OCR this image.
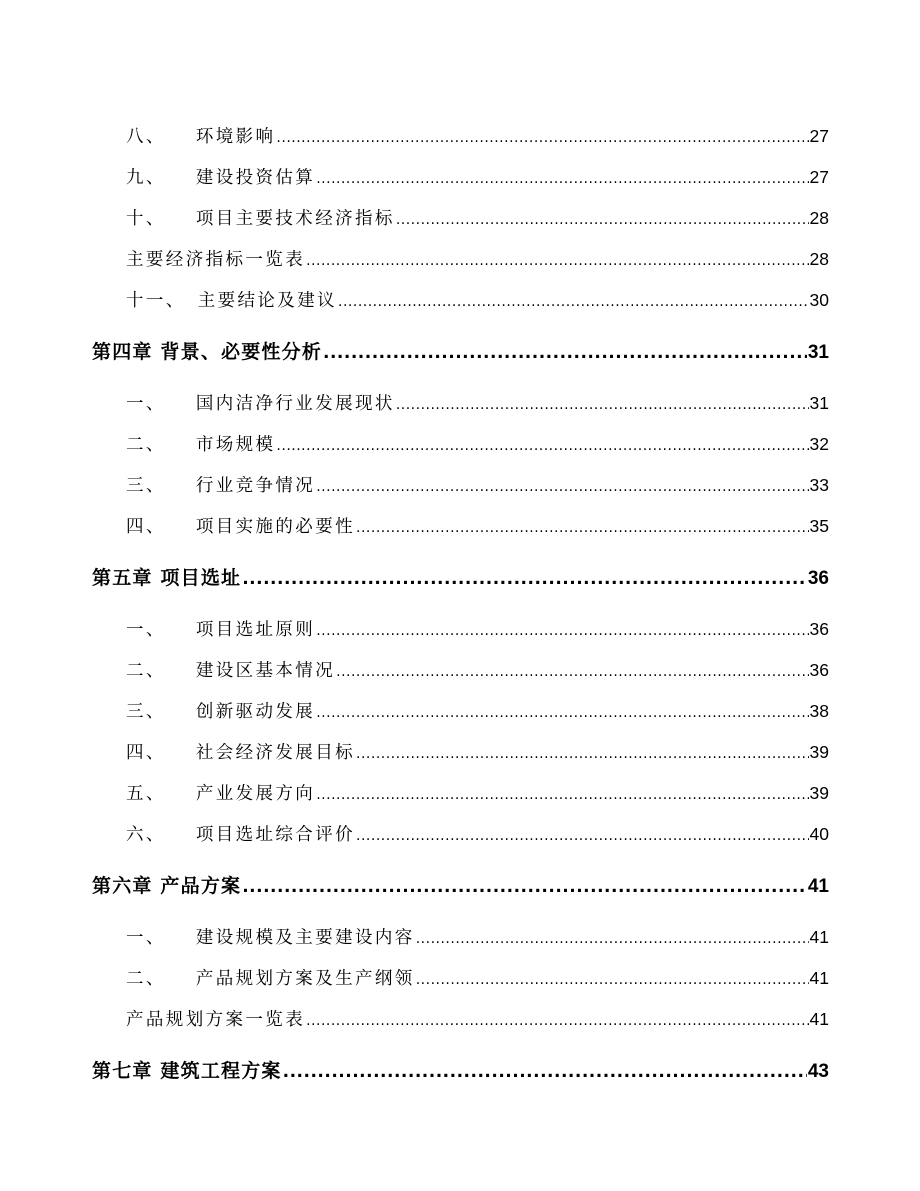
八、 环境影响 .....	27
九、 建设投资估算 .....	27
十、 项目主要技术经济指标 .....	28
主要经济指标一览表 .....	28
十一、 主要结论及建议 .....	30
第四章 背景、必要性分析 .....	31
一、 国内洁净行业发展现状 .....	31
二、 市场规模 .....	32
三、 行业竞争情况 .....	33
四、 项目实施的必要性 .....	35
第五章 项目选址 .....	36
一、 项目选址原则 .....	36
二、 建设区基本情况 .....	36
三、 创新驱动发展 .....	38
四、 社会经济发展目标 .....	39
五、 产业发展方向 .....	39
六、 项目选址综合评价 .....	40
第六章 产品方案 .....	41
一、 建设规模及主要建设内容 .....	41
二、 产品规划方案及生产纲领 .....	41
产品规划方案一览表 .....	41
第七章 建筑工程方案 .....	43
